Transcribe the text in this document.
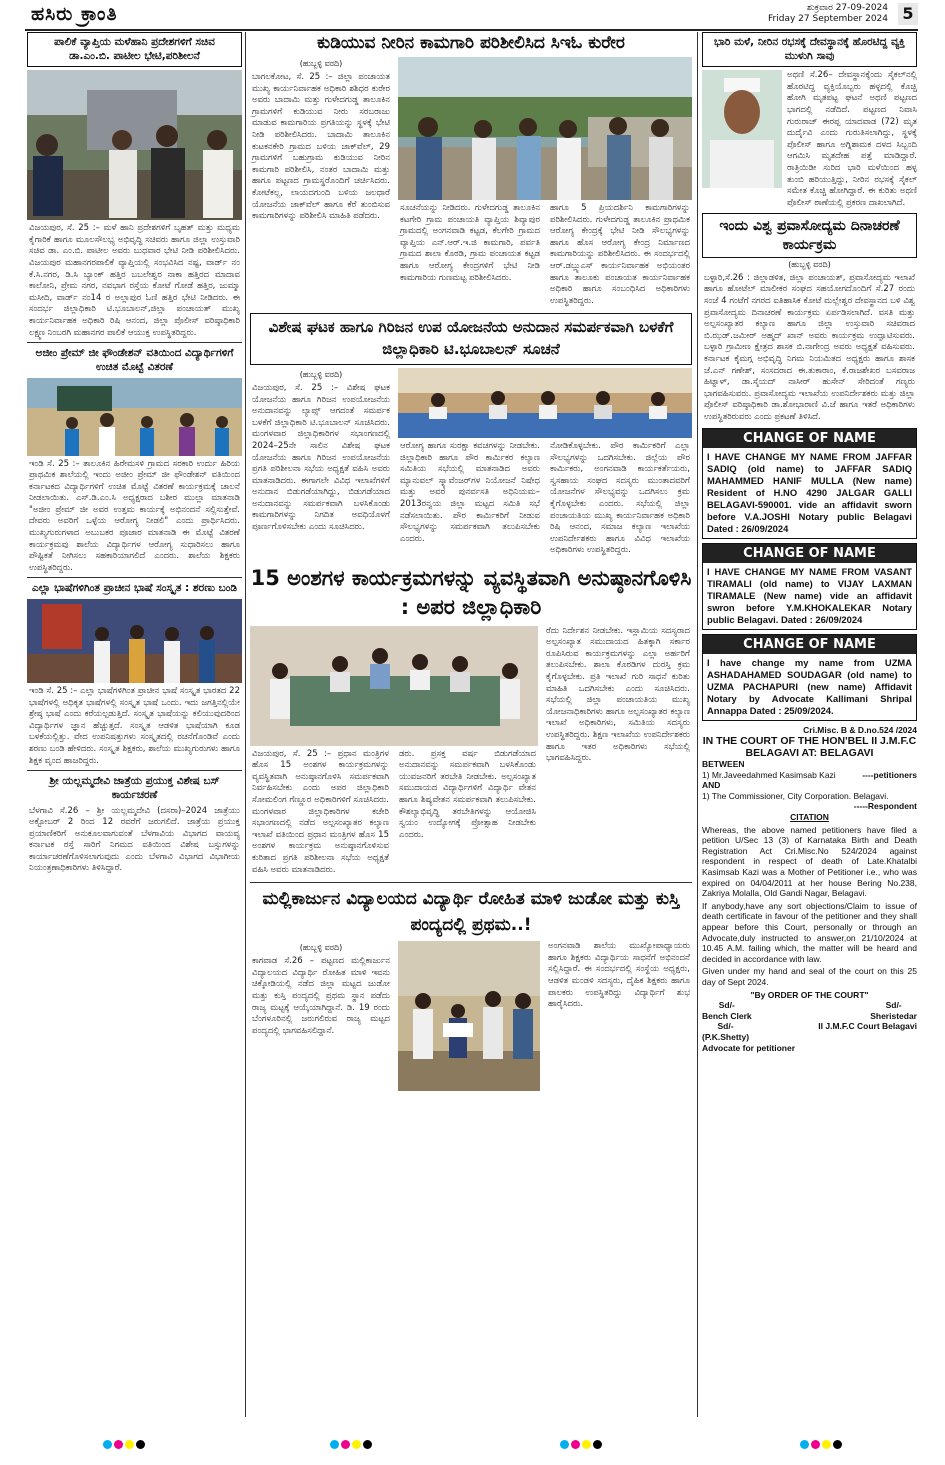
ಹಸಿರು ಕ್ರಾಂತಿ	ಶುಕ್ರವಾರ 27-09-2024
Friday 27 September 2024 5
ಪಾಲಿಕೆ ವ್ಯಾಪ್ತಿಯ ಮಳೆಹಾನಿ ಪ್ರದೇಶಗಳಿಗೆ ಸಚಿವ ಡಾ.ಎಂ.ಬಿ. ಪಾಟೀಲ ಭೇಟಿ,ಪರಿಶೀಲನೆ
ವಿಜಯಪುರ, ಸೆ. 25 :– ಮಳೆ ಹಾನಿ ಪ್ರದೇಶಗಳಿಗೆ ಬೃಹತ್ ಮತ್ತು ಮಧ್ಯಮ ಕೈಗಾರಿಕೆ ಹಾಗೂ ಮೂಲಸೌಲಭ್ಯ ಅಭಿವೃದ್ಧಿ ಸಚಿವರು ಹಾಗೂ ಜಿಲ್ಲಾ ಉಸ್ತುವಾರಿ ಸಚಿವ ಡಾ. ಎಂ.ಬಿ. ಪಾಟೀಲ ಅವರು ಬುಧವಾರ ಭೇಟಿ ನೀಡಿ ಪರಿಶೀಲಿಸಿದರು. ವಿಜಯಪುರ ಮಹಾನಗರಪಾಲಿಕೆ ವ್ಯಾಪ್ತಿಯಲ್ಲಿ ಸಂಭವಿಸಿದ ನಷ್ಟ, ವಾರ್ಡ್ ನಂ ಕೆ.ಸಿ.ನಗರ, ಡಿ.ಸಿ ಬ್ಯಾಂಕ್ ಹತ್ತಿರ ಬಬಲೇಶ್ವರ ನಾಕಾ ಹತ್ತಿರದ ಮಾದಾವ ಕಾಲೋನಿ, ಪ್ರೇಮ ನಗರ, ನವಭಾಗ ರಸ್ತೆಯ ಕೋಟೆ ಗೋಡೆ ಹತ್ತಿರ, ಜುಮ್ಮಾ ಮಸೀದಿ, ವಾರ್ಡ್ ನಂ14 ರ ಅಲ್ಲಾಪುರ ಓಣಿ ಹತ್ತಿರ ಭೇಟಿ ನೀಡಿದರು. ಈ ಸಂದರ್ಭ ಜಿಲ್ಲಾಧಿಕಾರಿ ಟಿ.ಭೂಬಾಲನ್,ಜಿಲ್ಲಾ ಪಂಚಾಯತ್ ಮುಖ್ಯ ಕಾರ್ಯನಿರ್ವಾಹಕ ಅಧಿಕಾರಿ ರಿಷಿ ಆನಂದ, ಜಿಲ್ಲಾ ಪೊಲೀಸ್ ವರಿಷ್ಠಾಧಿಕಾರಿ ಲಕ್ಷ್ಮಣ ನಿಂಬರಗಿ ಮಹಾನಗರ ಪಾಲಿಕೆ ಆಯುಕ್ತ ಉಪಸ್ಥಿತರಿದ್ದರು.
ಅಜೀಂ ಪ್ರೇಮ್ ಜೀ ಫೌಂಡೇಶನ್ ವತಿಯಿಂದ ವಿದ್ಯಾರ್ಥಿಗಳಿಗೆ ಉಚಿತ ಮೊಟ್ಟೆ ವಿತರಣೆ
ಇಂಡಿ ಸೆ. 25 :– ತಾಲೂಕಿನ ಹಿರೇಮಸಳಿ ಗ್ರಾಮದ ಸರಕಾರಿ ಉರ್ದು ಹಿರಿಯ ಪ್ರಾಥಮಿಕ ಶಾಲೆಯಲ್ಲಿ ಇಂದು ಅಜೀಂ ಪ್ರೇಮ್ ಜೀ ಫೌಂಡೇಶನ್ ವತಿಯಿಂದ ಕರ್ನಾಟಕದ ವಿದ್ಯಾರ್ಥಿಗಳಿಗೆ ಉಚಿತ ಮೊಟ್ಟೆ ವಿತರಣೆ ಕಾರ್ಯಕ್ರಮಕ್ಕೆ ಚಾಲನೆ ನೀಡಲಾಯಿತು. ಎಸ್.ಡಿ.ಎಂ.ಸಿ ಅಧ್ಯಕ್ಷರಾದ ಬಶೀರ ಮುಲ್ಲಾ ಮಾತನಾಡಿ "ಅಜೀಂ ಪ್ರೇಮ್ ಜೀ ಅವರ ಉತ್ತಮ ಕಾರ್ಯಕ್ಕೆ ಅಭಿನಂದನೆ ಸಲ್ಲಿಸುತ್ತೇವೆ. ದೇವರು ಅವರಿಗೆ ಒಳ್ಳೆಯ ಆರೋಗ್ಯ ನೀಡಲಿ" ಎಂದು ಪ್ರಾರ್ಥಿಸಿದರು. ಮುಖ್ಯಗುರುಗಳಾದ ಅಬುಬಕರ ಪೂಜಾರ ಮಾತನಾಡಿ ಈ ಮೊಟ್ಟೆ ವಿತರಣೆ ಕಾರ್ಯಕ್ರಮವು ಶಾಲೆಯ ವಿದ್ಯಾರ್ಥಿಗಳ ಆರೋಗ್ಯ ಸುಧಾರಿಸಲು ಹಾಗೂ ಪೌಷ್ಟಿಕತೆ ನೀಗಿಸಲು ಸಹಕಾರಿಯಾಗಲಿದೆ ಎಂದರು. ಶಾಲೆಯ ಶಿಕ್ಷಕರು ಉಪಸ್ಥಿತರಿದ್ದರು.
ಎಲ್ಲಾ ಭಾಷೆಗಳಿಗಿಂತ ಪ್ರಾಚೀನ ಭಾಷೆ ಸಂಸ್ಕೃತ : ಶರಣು ಬಂಡಿ
ಇಂಡಿ ಸೆ. 25 :– ಎಲ್ಲಾ ಭಾಷೆಗಳಿಗಿಂತ ಪ್ರಾಚೀನ ಭಾಷೆ ಸಂಸ್ಕೃತ ಭಾರತದ 22 ಭಾಷೆಗಳಲ್ಲಿ ಅಧಿಕೃತ ಭಾಷೆಗಳಲ್ಲಿ ಸಂಸ್ಕೃತ ಭಾಷೆ ಒಂದು. ಇದು ಜಗತ್ತಿನಲ್ಲಿಯೇ ಶ್ರೇಷ್ಠ ಭಾಷೆ ಎಂದು ಕರೆಯಲ್ಪಡುತ್ತಿದೆ. ಸಂಸ್ಕೃತ ಭಾಷೆಯನ್ನು ಕಲಿಯುವುದರಿಂದ ವಿದ್ಯಾರ್ಥಿಗಳ ಜ್ಞಾನ ಹೆಚ್ಚುತ್ತದೆ. ಸಂಸ್ಕೃತ ಆಡಳಿತ ಭಾಷೆಯಾಗಿ ಕೂಡ ಬಳಕೆಯಲ್ಲಿತ್ತು. ವೇದ ಉಪನಿಷತ್ತುಗಳು ಸಂಸ್ಕೃತದಲ್ಲಿ ರಚನೆಗೊಂಡಿವೆ ಎಂದು ಶರಣು ಬಂಡಿ ಹೇಳಿದರು. ಸಂಸ್ಕೃತ ಶಿಕ್ಷಕರು, ಶಾಲೆಯ ಮುಖ್ಯಗುರುಗಳು ಹಾಗೂ ಶಿಕ್ಷಕ ವೃಂದ ಹಾಜರಿದ್ದರು.
ಶ್ರೀ ಯಲ್ಲಮ್ಮದೇವಿ ಜಾತ್ರೆಯ ಪ್ರಯುಕ್ತ ವಿಶೇಷ ಬಸ್ ಕಾರ್ಯಚರಣೆ
ಬೆಳಗಾವಿ ಸೆ.26 – ಶ್ರೀ ಯಲ್ಲಮ್ಮದೇವಿ (ದಸರಾ)–2024 ಜಾತ್ರೆಯು ಅಕ್ಟೋಬರ್ 2 ರಿಂದ 12 ರವರೆಗೆ ಜರುಗಲಿದೆ. ಜಾತ್ರೆಯ ಪ್ರಯುಕ್ತ ಪ್ರಯಾಣಿಕರಿಗೆ ಅನುಕೂಲವಾಗುವಂತೆ ಬೆಳಗಾವಿಯ ವಿಭಾಗದ ವಾಯವ್ಯ ಕರ್ನಾಟಕ ರಸ್ತೆ ಸಾರಿಗೆ ನಿಗಮದ ವತಿಯಿಂದ ವಿಶೇಷ ಬಸ್ಸುಗಳನ್ನು ಕಾರ್ಯಾಚರಣೆಗೊಳಿಸಲಾಗುವುದು ಎಂದು ಬೆಳಗಾವಿ ವಿಭಾಗದ ವಿಭಾಗೀಯ ನಿಯಂತ್ರಣಾಧಿಕಾರಿಗಳು ತಿಳಿಸಿದ್ದಾರೆ.
ಕುಡಿಯುವ ನೀರಿನ ಕಾಮಗಾರಿ ಪರಿಶೀಲಿಸಿದ ಸಿಇಓ ಕುರೇರ
(ಹುಬ್ಬಳ್ಳಿ ವರದಿ)
ಬಾಗಲಕೋಟ, ಸೆ. 25 :– ಜಿಲ್ಲಾ ಪಂಚಾಯತ ಮುಖ್ಯ ಕಾರ್ಯನಿರ್ವಾಹಕ ಅಧಿಕಾರಿ ಶಶಿಧರ ಕುರೇರ ಅವರು ಬಾದಾಮಿ ಮತ್ತು ಗುಳೇದಗುಡ್ಡ ತಾಲೂಕಿನ ಗ್ರಾಮಗಳಿಗೆ ಕುಡಿಯುವ ನೀರು ಸರಬರಾಜು ಮಾಡುವ ಕಾಮಗಾರಿಯ ಪ್ರಗತಿಯನ್ನು ಸ್ಥಳಕ್ಕೆ ಭೇಟಿ ನೀಡಿ ಪರಿಶೀಲಿಸಿದರು. ಬಾದಾಮಿ ತಾಲೂಕಿನ ಕುಟಕನಕೇರಿ ಗ್ರಾಮದ ಬಳಿಯ ಜಾಕ್‌ವೆಲ್, 29 ಗ್ರಾಮಗಳಿಗೆ ಬಹುಗ್ರಾಮ ಕುಡಿಯುವ ನೀರಿನ ಕಾಮಗಾರಿ ಪರಿಶೀಲಿಸಿ, ನಂತರ ಬಾದಾಮಿ ಮತ್ತು ಹಾಗೂ ಪಟ್ಟಣದ ಗ್ರಾಮಸ್ಥರೊಂದಿಗೆ ಚರ್ಚಿಸಿದರು. ಕೋಟೆಕಲ್ಲ, ಲಾಯದಗುಂದಿ ಬಳಿಯ ಜಲಧಾರೆ ಯೋಜನೆಯ ಜಾಕ್‌ವೆಲ್ ಹಾಗೂ ಕೆರೆ ತುಂಬಿಸುವ ಕಾಮಗಾರಿಗಳನ್ನು ಪರಿಶೀಲಿಸಿ ಮಾಹಿತಿ ಪಡೆದರು.
ಸೂಚನೆಯನ್ನು ನೀಡಿದರು. ಗುಳೇದಗುಡ್ಡ ತಾಲೂಕಿನ ಕಟಗೇರಿ ಗ್ರಾಮ ಪಂಚಾಯತಿ ವ್ಯಾಪ್ತಿಯ ಶಿವ್ಯಾಪುರ ಗ್ರಾಮದಲ್ಲಿ ಅಂಗನವಾಡಿ ಕಟ್ಟಡ, ಕೆಲಗೇರಿ ಗ್ರಾಮದ ವ್ಯಾಪ್ತಿಯ ಎನ್.ಆರ್.ಇ.ಜಿ ಕಾಮಗಾರಿ, ಪರ್ವತಿ ಗ್ರಾಮದ ಶಾಲಾ ಕೊಠಡಿ, ಗ್ರಾಮ ಪಂಚಾಯತ ಕಟ್ಟಡ ಹಾಗೂ ಆರೋಗ್ಯ ಕೇಂದ್ರಗಳಿಗೆ ಭೇಟಿ ನೀಡಿ ಕಾಮಗಾರಿಯ ಗುಣಮಟ್ಟ ಪರಿಶೀಲಿಸಿದರು.
ಹಾಗೂ 5 ಪ್ರಿಯದರ್ಶಿನಿ ಕಾಮಗಾರಿಗಳನ್ನು ಪರಿಶೀಲಿಸಿದರು. ಗುಳೇದಗುಡ್ಡ ತಾಲೂಕಿನ ಪ್ರಾಥಮಿಕ ಆರೋಗ್ಯ ಕೇಂದ್ರಕ್ಕೆ ಭೇಟಿ ನೀಡಿ ಸೌಲಭ್ಯಗಳನ್ನು ಹಾಗೂ ಹೊಸ ಆರೋಗ್ಯ ಕೇಂದ್ರ ನಿರ್ಮಾಣದ ಕಾಮಗಾರಿಯನ್ನು ಪರಿಶೀಲಿಸಿದರು. ಈ ಸಂದರ್ಭದಲ್ಲಿ ಆರ್.ಡಬ್ಲ್ಯುಎಸ್ ಕಾರ್ಯನಿರ್ವಾಹಕ ಅಭಿಯಂತರ ಹಾಗೂ ತಾಲೂಕು ಪಂಚಾಯತ ಕಾರ್ಯನಿರ್ವಾಹಕ ಅಧಿಕಾರಿ ಹಾಗೂ ಸಂಬಂಧಿಸಿದ ಅಧಿಕಾರಿಗಳು ಉಪಸ್ಥಿತರಿದ್ದರು.
ವಿಶೇಷ ಘಟಕ ಹಾಗೂ ಗಿರಿಜನ ಉಪ ಯೋಜನೆಯ ಅನುದಾನ ಸಮರ್ಪಕವಾಗಿ ಬಳಕೆಗೆ ಜಿಲ್ಲಾಧಿಕಾರಿ ಟಿ.ಭೂಬಾಲನ್ ಸೂಚನೆ
(ಹುಬ್ಬಳ್ಳಿ ವರದಿ)
ವಿಜಯಪುರ, ಸೆ. 25 :– ವಿಶೇಷ ಘಟಕ ಯೋಜನೆಯ ಹಾಗೂ ಗಿರಿಜನ ಉಪಯೋಜನೆಯ ಅನುದಾನವನ್ನು ಲ್ಯಾಪ್ಸ್ ಆಗದಂತೆ ಸಮರ್ಪಕ ಬಳಕೆಗೆ ಜಿಲ್ಲಾಧಿಕಾರಿ ಟಿ.ಭೂಬಾಲನ್ ಸೂಚಿಸಿದರು. ಮಂಗಳವಾರ ಜಿಲ್ಲಾಧಿಕಾರಿಗಳ ಸಭಾಂಗಣದಲ್ಲಿ 2024–25ನೇ ಸಾಲಿನ ವಿಶೇಷ ಘಟಕ ಯೋಜನೆಯ ಹಾಗೂ ಗಿರಿಜನ ಉಪಯೋಜನೆಯ ಪ್ರಗತಿ ಪರಿಶೀಲನಾ ಸಭೆಯ ಅಧ್ಯಕ್ಷತೆ ವಹಿಸಿ ಅವರು ಮಾತನಾಡಿದರು. ಈಗಾಗಲೇ ವಿವಿಧ ಇಲಾಖೆಗಳಿಗೆ ಅನುದಾನ ಬಿಡುಗಡೆಯಾಗಿದ್ದು, ಬಿಡುಗಡೆಯಾದ ಅನುದಾನವನ್ನು ಸಮರ್ಪಕವಾಗಿ ಬಳಸಿಕೊಂಡು ಕಾಮಗಾರಿಗಳನ್ನು ನಿಗದಿತ ಅವಧಿಯೊಳಗೆ ಪೂರ್ಣಗೊಳಿಸಬೇಕು ಎಂದು ಸೂಚಿಸಿದರು.
ಆರೋಗ್ಯ ಹಾಗೂ ಸುರಕ್ಷಾ ಕವಚಗಳನ್ನು ನೀಡಬೇಕು. ಜಿಲ್ಲಾಧಿಕಾರಿ ಹಾಗೂ ಪೌರ ಕಾರ್ಮಿಕರ ಕಲ್ಯಾಣ ಸಮಿತಿಯ ಸಭೆಯಲ್ಲಿ ಮಾತನಾಡಿದ ಅವರು ಮ್ಯಾನುವಲ್ ಸ್ಕ್ಯಾವೆಂಜರ್‌ಗಳ ನಿಯೋಜನೆ ನಿಷೇಧ ಮತ್ತು ಅವರ ಪುನರ್ವಸತಿ ಅಧಿನಿಯಮ–2013ರನ್ವಯ ಜಿಲ್ಲಾ ಮಟ್ಟದ ಸಮಿತಿ ಸಭೆ ನಡೆಸಲಾಯಿತು. ಪೌರ ಕಾರ್ಮಿಕರಿಗೆ ನೀಡುವ ಸೌಲಭ್ಯಗಳನ್ನು ಸಮರ್ಪಕವಾಗಿ ತಲುಪಿಸಬೇಕು ಎಂದರು.
ನೋಡಿಕೊಳ್ಳಬೇಕು. ಪೌರ ಕಾರ್ಮಿಕರಿಗೆ ಎಲ್ಲಾ ಸೌಲಭ್ಯಗಳನ್ನು ಒದಗಿಸಬೇಕು. ಜಿಲ್ಲೆಯ ಪೌರ ಕಾರ್ಮಿಕರು, ಅಂಗನವಾಡಿ ಕಾರ್ಯಕರ್ತೆಯರು, ಸ್ವಸಹಾಯ ಸಂಘದ ಸದಸ್ಯರು ಮುಂತಾದವರಿಗೆ ಯೋಜನೆಗಳ ಸೌಲಭ್ಯವನ್ನು ಒದಗಿಸಲು ಕ್ರಮ ಕೈಗೊಳ್ಳಬೇಕು ಎಂದರು. ಸಭೆಯಲ್ಲಿ ಜಿಲ್ಲಾ ಪಂಚಾಯತಿಯ ಮುಖ್ಯ ಕಾರ್ಯನಿರ್ವಾಹಕ ಅಧಿಕಾರಿ ರಿಷಿ ಆನಂದ, ಸಮಾಜ ಕಲ್ಯಾಣ ಇಲಾಖೆಯ ಉಪನಿರ್ದೇಶಕರು ಹಾಗೂ ವಿವಿಧ ಇಲಾಖೆಯ ಅಧಿಕಾರಿಗಳು ಉಪಸ್ಥಿತರಿದ್ದರು.
15 ಅಂಶಗಳ ಕಾರ್ಯಕ್ರಮಗಳನ್ನು ವ್ಯವಸ್ಥಿತವಾಗಿ ಅನುಷ್ಠಾನಗೊಳಿಸಿ : ಅಪರ ಜಿಲ್ಲಾಧಿಕಾರಿ
ವಿಜಯಪುರ, ಸೆ. 25 :– ಪ್ರಧಾನ ಮಂತ್ರಿಗಳ ಹೊಸ 15 ಅಂಶಗಳ ಕಾರ್ಯಕ್ರಮಗಳನ್ನು ವ್ಯವಸ್ಥಿತವಾಗಿ ಅನುಷ್ಠಾನಗೊಳಿಸಿ ಸಮರ್ಪಕವಾಗಿ ನಿರ್ವಹಿಸಬೇಕು ಎಂದು ಅಪರ ಜಿಲ್ಲಾಧಿಕಾರಿ ಸೋಮಲಿಂಗ ಗೆಣ್ಣೂರ ಅಧಿಕಾರಿಗಳಿಗೆ ಸೂಚಿಸಿದರು. ಮಂಗಳವಾರ ಜಿಲ್ಲಾಧಿಕಾರಿಗಳ ಕಚೇರಿ ಸಭಾಂಗಣದಲ್ಲಿ ನಡೆದ ಅಲ್ಪಸಂಖ್ಯಾತರ ಕಲ್ಯಾಣ ಇಲಾಖೆ ವತಿಯಿಂದ ಪ್ರಧಾನ ಮಂತ್ರಿಗಳ ಹೊಸ 15 ಅಂಶಗಳ ಕಾರ್ಯಕ್ರಮ ಅನುಷ್ಠಾನಗೊಳಿಸುವ ಕುರಿತಾದ ಪ್ರಗತಿ ಪರಿಶೀಲನಾ ಸಭೆಯ ಅಧ್ಯಕ್ಷತೆ ವಹಿಸಿ ಅವರು ಮಾತನಾಡಿದರು.
ಡರು. ಪ್ರಸಕ್ತ ವರ್ಷ ಬಿಡುಗಡೆಯಾದ ಅನುದಾನವನ್ನು ಸಮರ್ಪಕವಾಗಿ ಬಳಸಿಕೊಂಡು ಯುವಜನರಿಗೆ ತರಬೇತಿ ನೀಡಬೇಕು. ಅಲ್ಪಸಂಖ್ಯಾತ ಸಮುದಾಯದ ವಿದ್ಯಾರ್ಥಿಗಳಿಗೆ ವಿದ್ಯಾರ್ಥಿ ವೇತನ ಹಾಗೂ ಶಿಷ್ಯವೇತನ ಸಮರ್ಪಕವಾಗಿ ತಲುಪಿಸಬೇಕು. ಕೌಶಲ್ಯಾಭಿವೃದ್ಧಿ ತರಬೇತಿಗಳನ್ನು ಆಯೋಜಿಸಿ ಸ್ವಯಂ ಉದ್ಯೋಗಕ್ಕೆ ಪ್ರೋತ್ಸಾಹ ನೀಡಬೇಕು ಎಂದರು.
ರೆದು ನಿರ್ದೇಶನ ನೀಡಬೇಕು. ಇಸ್ಲಾಮಿಯ ಸದಸ್ಯರಾದ ಅಲ್ಪಸಂಖ್ಯಾತ ಸಮುದಾಯದ ಹಿತಕ್ಕಾಗಿ ಸರ್ಕಾರ ರೂಪಿಸಿರುವ ಕಾರ್ಯಕ್ರಮಗಳನ್ನು ಎಲ್ಲಾ ಅರ್ಹರಿಗೆ ತಲುಪಿಸಬೇಕು. ಶಾಲಾ ಕೊಠಡಿಗಳ ದುರಸ್ತಿ ಕ್ರಮ ಕೈಗೊಳ್ಳಬೇಕು. ಪ್ರತಿ ಇಲಾಖೆ ಗುರಿ ಸಾಧನೆ ಕುರಿತು ಮಾಹಿತಿ ಒದಗಿಸಬೇಕು ಎಂದು ಸೂಚಿಸಿದರು. ಸಭೆಯಲ್ಲಿ ಜಿಲ್ಲಾ ಪಂಚಾಯತಿಯ ಮುಖ್ಯ ಯೋಜನಾಧಿಕಾರಿಗಳು ಹಾಗೂ ಅಲ್ಪಸಂಖ್ಯಾತರ ಕಲ್ಯಾಣ ಇಲಾಖೆ ಅಧಿಕಾರಿಗಳು, ಸಮಿತಿಯ ಸದಸ್ಯರು ಉಪಸ್ಥಿತರಿದ್ದರು. ಶಿಕ್ಷಣ ಇಲಾಖೆಯ ಉಪನಿರ್ದೇಶಕರು ಹಾಗೂ ಇತರ ಅಧಿಕಾರಿಗಳು ಸಭೆಯಲ್ಲಿ ಭಾಗವಹಿಸಿದ್ದರು.
ಮಲ್ಲಿಕಾರ್ಜುನ ವಿದ್ಯಾಲಯದ ವಿದ್ಯಾರ್ಥಿ ರೋಹಿತ ಮಾಳಿ ಜುಡೋ ಮತ್ತು ಕುಸ್ತಿ ಪಂದ್ಯದಲ್ಲಿ ಪ್ರಥಮ..!
(ಹುಬ್ಬಳ್ಳಿ ವರದಿ)
ಕಾಗವಾಡ ಸೆ.26 – ಪಟ್ಟಣದ ಮಲ್ಲಿಕಾರ್ಜುನ ವಿದ್ಯಾಲಯದ ವಿದ್ಯಾರ್ಥಿ ರೋಹಿತ ಮಾಳಿ ಇವನು ಚಿಕ್ಕೋಡಿಯಲ್ಲಿ ನಡೆದ ಜಿಲ್ಲಾ ಮಟ್ಟದ ಜುಡೋ ಮತ್ತು ಕುಸ್ತಿ ಪಂದ್ಯದಲ್ಲಿ ಪ್ರಥಮ ಸ್ಥಾನ ಪಡೆದು ರಾಜ್ಯ ಮಟ್ಟಕ್ಕೆ ಆಯ್ಕೆಯಾಗಿದ್ದಾನೆ. ಡಿ. 19 ರಂದು ಬೆಂಗಳೂರಿನಲ್ಲಿ ಜರುಗಲಿರುವ ರಾಜ್ಯ ಮಟ್ಟದ ಪಂದ್ಯದಲ್ಲಿ ಭಾಗವಹಿಸಲಿದ್ದಾನೆ.
ಅಂಗನವಾಡಿ ಶಾಲೆಯ ಮುಖ್ಯೋಪಾಧ್ಯಾಯರು ಹಾಗೂ ಶಿಕ್ಷಕರು ವಿದ್ಯಾರ್ಥಿಯ ಸಾಧನೆಗೆ ಅಭಿನಂದನೆ ಸಲ್ಲಿಸಿದ್ದಾರೆ. ಈ ಸಂದರ್ಭದಲ್ಲಿ ಸಂಸ್ಥೆಯ ಅಧ್ಯಕ್ಷರು, ಆಡಳಿತ ಮಂಡಳಿ ಸದಸ್ಯರು, ದೈಹಿಕ ಶಿಕ್ಷಕರು ಹಾಗೂ ಪಾಲಕರು ಉಪಸ್ಥಿತರಿದ್ದು ವಿದ್ಯಾರ್ಥಿಗೆ ಶುಭ ಹಾರೈಸಿದರು.
ಭಾರಿ ಮಳೆ, ನೀರಿನ ರಭಸಕ್ಕೆ ದೇವಸ್ಥಾನಕ್ಕೆ ಹೊರಟಿದ್ದ ವ್ಯಕ್ತಿ ಮುಳುಗಿ ಸಾವು
ಅಥಣಿ ಸೆ.26– ದೇವಸ್ಥಾನಕ್ಕೆಂದು ಸೈಕಲ್‌ನಲ್ಲಿ ಹೊರಟಿದ್ದ ವ್ಯಕ್ತಿಯೊಬ್ಬರು ಹಳ್ಳದಲ್ಲಿ ಕೊಚ್ಚಿ ಹೋಗಿ ಮೃತಪಟ್ಟ ಘಟನೆ ಅಥಣಿ ಪಟ್ಟಣದ ಭಾಗದಲ್ಲಿ ನಡೆದಿದೆ. ಪಟ್ಟಣದ ನಿವಾಸಿ ಗುರುರಾಜ್ ಈರಪ್ಪ ಯಾದವಾಡ (72) ಮೃತ ದುರ್ದೈವಿ ಎಂದು ಗುರುತಿಸಲಾಗಿದ್ದು, ಸ್ಥಳಕ್ಕೆ ಪೊಲೀಸ್ ಹಾಗೂ ಅಗ್ನಿಶಾಮಕ ದಳದ ಸಿಬ್ಬಂದಿ ಆಗಮಿಸಿ ಮೃತದೇಹ ಪತ್ತೆ ಮಾಡಿದ್ದಾರೆ. ರಾತ್ರಿಯಿಡೀ ಸುರಿದ ಭಾರಿ ಮಳೆಯಿಂದ ಹಳ್ಳ ತುಂಬಿ ಹರಿಯುತ್ತಿದ್ದು, ನೀರಿನ ರಭಸಕ್ಕೆ ಸೈಕಲ್ ಸಮೇತ ಕೊಚ್ಚಿ ಹೋಗಿದ್ದಾರೆ. ಈ ಕುರಿತು ಅಥಣಿ ಪೊಲೀಸ್ ಠಾಣೆಯಲ್ಲಿ ಪ್ರಕರಣ ದಾಖಲಾಗಿದೆ.
ಇಂದು ವಿಶ್ವ ಪ್ರವಾಸೋದ್ಯಮ ದಿನಾಚರಣೆ ಕಾರ್ಯಕ್ರಮ
(ಹುಬ್ಬಳ್ಳಿ ವರದಿ)
ಬಳ್ಳಾರಿ,ಸೆ.26 : ಜಿಲ್ಲಾಡಳಿತ, ಜಿಲ್ಲಾ ಪಂಚಾಯತ್, ಪ್ರವಾಸೋದ್ಯಮ ಇಲಾಖೆ ಹಾಗೂ ಹೋಟೆಲ್ ಮಾಲೀಕರ ಸಂಘದ ಸಹಯೋಗದೊಂದಿಗೆ ಸೆ.27 ರಂದು ಸಂಜೆ 4 ಗಂಟೆಗೆ ನಗರದ ಐತಿಹಾಸಿಕ ಕೋಟೆ ಮಲ್ಲೇಶ್ವರ ದೇವಸ್ಥಾನದ ಬಳಿ ವಿಶ್ವ ಪ್ರವಾಸೋದ್ಯಮ ದಿನಾಚರಣೆ ಕಾರ್ಯಕ್ರಮ ಏರ್ಪಡಿಸಲಾಗಿದೆ. ವಸತಿ ಮತ್ತು ಅಲ್ಪಸಂಖ್ಯಾತರ ಕಲ್ಯಾಣ ಹಾಗೂ ಜಿಲ್ಲಾ ಉಸ್ತುವಾರಿ ಸಚಿವರಾದ ಬಿ.ಝಡ್.ಜಮೀರ್ ಅಹ್ಮದ್ ಖಾನ್ ಅವರು ಕಾರ್ಯಕ್ರಮ ಉದ್ಘಾಟಿಸುವರು. ಬಳ್ಳಾರಿ ಗ್ರಾಮೀಣ ಕ್ಷೇತ್ರದ ಶಾಸಕ ಬಿ.ನಾಗೇಂದ್ರ ಅವರು ಅಧ್ಯಕ್ಷತೆ ವಹಿಸುವರು. ಕರ್ನಾಟಕ ಕೈಮಗ್ಗ ಅಭಿವೃದ್ಧಿ ನಿಗಮ ನಿಯಮಿತದ ಅಧ್ಯಕ್ಷರು ಹಾಗೂ ಶಾಸಕ ಜೆ.ಎನ್ ಗಣೇಶ್, ಸಂಸದರಾದ ಈ.ತುಕಾರಾಂ, ಕೆ.ರಾಜಶೇಖರ ಬಸವರಾಜ ಹಿಟ್ನಾಳ್, ಡಾ.ಸೈಯದ್ ನಾಸೀರ್ ಹುಸೇನ್ ಸೇರಿದಂತೆ ಗಣ್ಯರು ಭಾಗವಹಿಸುವರು. ಪ್ರವಾಸೋದ್ಯಮ ಇಲಾಖೆಯ ಉಪನಿರ್ದೇಶಕರು ಮತ್ತು ಜಿಲ್ಲಾ ಪೊಲೀಸ್ ವರಿಷ್ಠಾಧಿಕಾರಿ ಡಾ.ಶೋಭಾರಾಣಿ ವಿ.ಜೆ ಹಾಗೂ ಇತರೆ ಅಧಿಕಾರಿಗಳು ಉಪಸ್ಥಿತರಿರುವರು ಎಂದು ಪ್ರಕಟಣೆ ತಿಳಿಸಿದೆ.
CHANGE OF NAME
I HAVE CHANGE MY NAME FROM JAFFAR SADIQ (old name) to JAFFAR SADIQ MAHAMMED HANIF MULLA (New name) Resident of H.NO 4290 JALGAR GALLI BELAGAVI-590001. vide an affidavit sworn before V.A.JOSHI Notary public Belagavi Dated : 26/09/2024
CHANGE OF NAME
I HAVE CHANGE MY NAME FROM VASANT TIRAMALI (old name) to VIJAY LAXMAN TIRAMALE (New name) vide an affidavit swron before Y.M.KHOKALEKAR Notary public Belagavi. Dated : 26/09/2024
CHANGE OF NAME
I have change my name from UZMA ASHADAHAMED SOUDAGAR (old name) to UZMA PACHAPURI (new name) Affidavit Notary by Advocate Kallimani Shripal Annappa Dated : 25/09/2024.
Cri.Misc. B & D.no.524 /2024
IN THE COURT OF THE HON'BEL II J.M.F.C BELAGAVI AT: BELAGAVI
BETWEEN
1) Mr.Javeedahmed Kasimsab Kazi	----petitioners
AND
1) The Commissioner, City Corporation. Belagavi.
-----Respondent
CITATION

Whereas, the above named petitioners have filed a petition U/Sec 13 (3) of Karnataka Birth and Death Registration Act Cri.Misc.No 524/2024 against respondent in respect of death of Late.Khatalbi Kasimsab Kazi was a Mother of Petitioner i.e., who was expired on 04/04/2011 at her house Bering No.238, Zakriya Molalla, Old Gandi Nagar, Belagavi.

If anybody,have any sort objections/Claim to issue of death certificate in favour of the petitioner and they shall appear before this Court, personally or through an Advocate,duly instructed to answer,on 21/10/2024 at 10.45 A.M. failing which, the matter will be heard and decided in accordance with law.

Given under my hand and seal of the court on this 25 day of Sept 2024.

"By ORDER OF THE COURT"
Sd/-
Bench Clerk
Sd/-
Sheristedar
Sd/-
(P.K.Shetty)
II J.M.F.C Court Belagavi
Advocate for petitioner
